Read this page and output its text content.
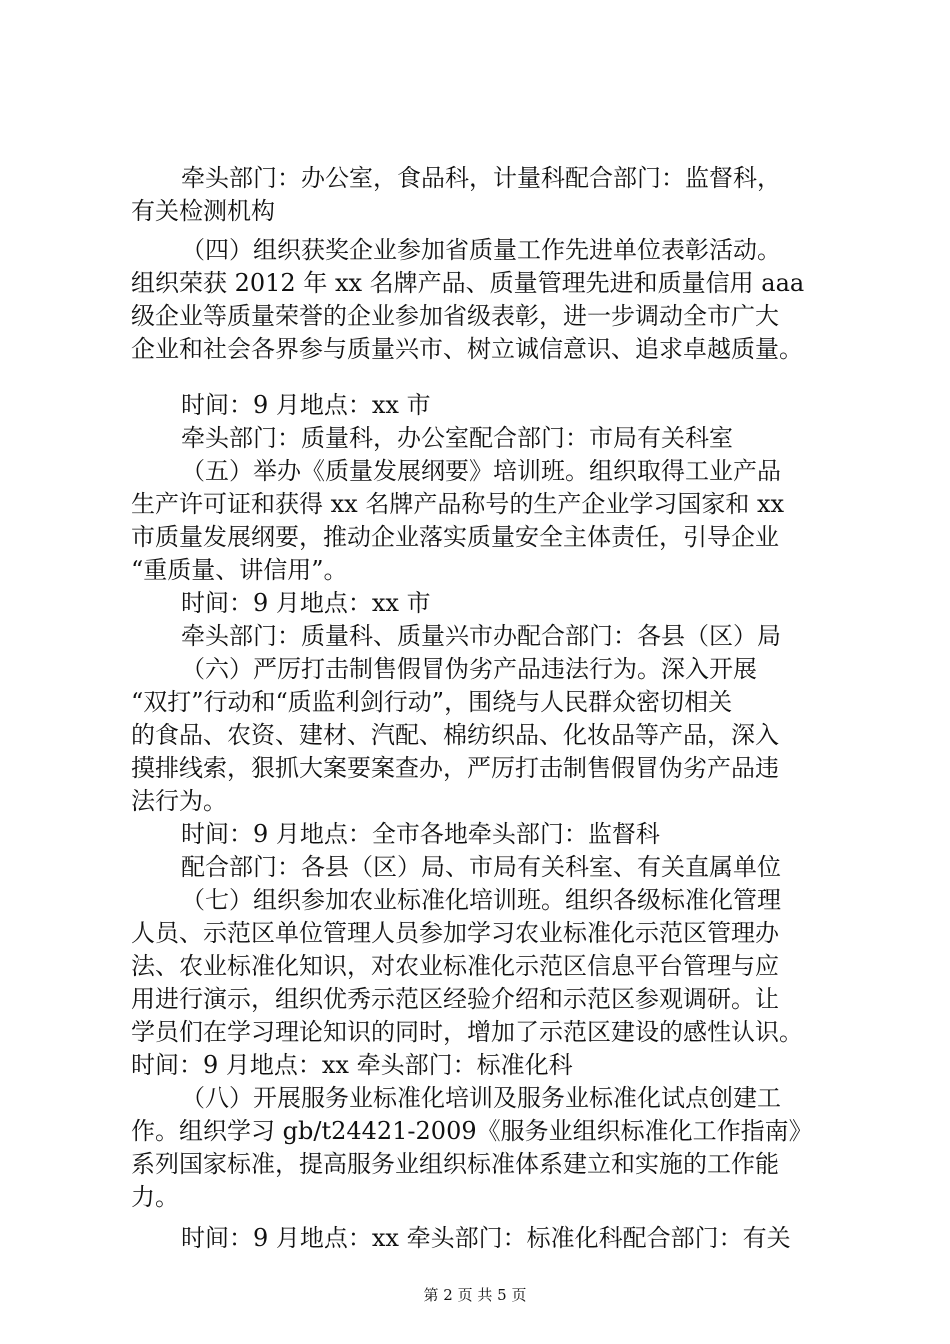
牵头部门：办公室，食品科，计量科配合部门：监督科，
有关检测机构
（四）组织获奖企业参加省质量工作先进单位表彰活动。
组织荣获 2012 年 xx 名牌产品、质量管理先进和质量信用 aaa
级企业等质量荣誉的企业参加省级表彰，进一步调动全市广大
企业和社会各界参与质量兴市、树立诚信意识、追求卓越质量。
时间：9 月地点：xx 市
牵头部门：质量科，办公室配合部门：市局有关科室
（五）举办《质量发展纲要》培训班。组织取得工业产品
生产许可证和获得 xx 名牌产品称号的生产企业学习国家和 xx
市质量发展纲要，推动企业落实质量安全主体责任，引导企业
“重质量、讲信用”。
时间：9 月地点：xx 市
牵头部门：质量科、质量兴市办配合部门：各县（区）局
（六）严厉打击制售假冒伪劣产品违法行为。深入开展
“双打”行动和“质监利剑行动”，围绕与人民群众密切相关
的食品、农资、建材、汽配、棉纺织品、化妆品等产品，深入
摸排线索，狠抓大案要案查办，严厉打击制售假冒伪劣产品违
法行为。
时间：9 月地点：全市各地牵头部门：监督科
配合部门：各县（区）局、市局有关科室、有关直属单位
（七）组织参加农业标准化培训班。组织各级标准化管理
人员、示范区单位管理人员参加学习农业标准化示范区管理办
法、农业标准化知识，对农业标准化示范区信息平台管理与应
用进行演示，组织优秀示范区经验介绍和示范区参观调研。让
学员们在学习理论知识的同时，增加了示范区建设的感性认识。
时间：9 月地点：xx 牵头部门：标准化科
（八）开展服务业标准化培训及服务业标准化试点创建工
作。组织学习 gb/t24421-2009《服务业组织标准化工作指南》
系列国家标准，提高服务业组织标准体系建立和实施的工作能
力。
时间：9 月地点：xx 牵头部门：标准化科配合部门：有关
第 2 页 共 5 页
